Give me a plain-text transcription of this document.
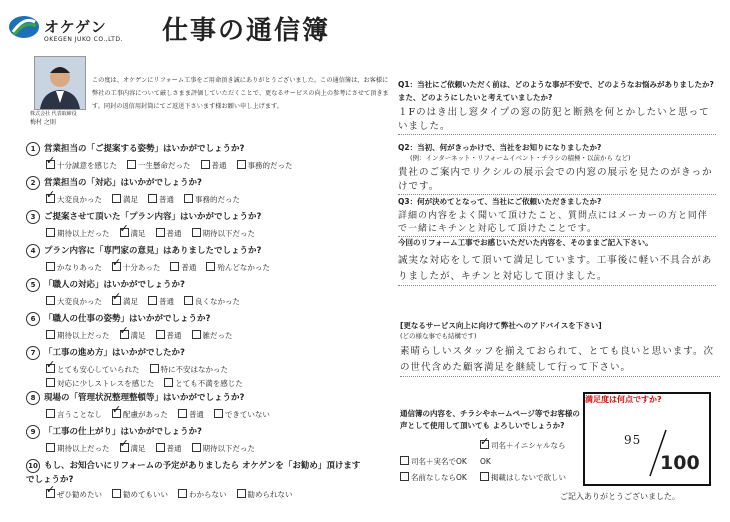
オケゲン
OKEGEN JUKO CO.,LTD. 仕事の通信簿
株式会社 代表取締役
梅村 之則
この度は、オケゲンにリフォーム工事をご用命頂き誠にありがとうございました。この通信簿は、お客様に弊社の工事内容について厳しさまま評価していただくことで、更なるサービスの向上の参考にさせて頂きます。同封の返信用封筒にてご返送下さいます様お願い申し上げます。
1 営業担当の「ご提案する姿勢」はいかがでしょうか?
✓十分誠意を感じた	一生懸命だった	普通	事務的だった
2 営業担当の「対応」はいかがでしょうか?
✓大変良かった	満足	普通	事務的だった
3 ご提案させて頂いた「プラン内容」はいかがでしょうか?
期待以上だった ✓	満足	普通	期待以下だった
4 プラン内容に「専門家の意見」はありましたでしょうか?
かなりあった ✓	十分あった	普通	殆んどなかった
5 「職人の対応」はいかがでしょうか?
大変良かった ✓	満足	普通	良くなかった
6 「職人の仕事の姿勢」はいかがでしょうか?
期待以上だった ✓	満足	普通	雑だった
7 「工事の進め方」はいかがでしたか?
✓とても安心していられた	特に不安はなかった
対応に少しストレスを感じた	とても不満を感じた
8 現場の「管理状況整理整頓等」はいかがでしょうか?
言うことなし ✓	配慮があった	普通	できていない
9 「工事の仕上がり」はいかがでしょうか?
期待以上だった ✓	満足	普通	期待以下だった
10 もし、お知合いにリフォームの予定がありましたら オケゲンを「お勧め」頂けますでしょうか?
✓ぜひ勧めたい	勧めてもいい	わからない	勧められない
Q1：当社にご依頼いただく前は、どのような事が不安で、どのようなお悩みがありましたか?また、どのようにしたいと考えていましたか?
１Fのはき出し窓タイプの窓の防犯と断熱を何とかしたいと思っていました。
Q2：当初、何がきっかけで、当社をお知りになりましたか?
(例：インターネット・リフォームイベント・チラシの積極・以前から など)
貴社のご案内でリクシルの展示会での内窓の展示を見たのがきっかけです。
Q3：何が決めてとなって、当社にご依頼いただきましたか?
詳細の内容をよく聞いて頂けたこと、質問点にはメーカーの方と同伴で一緒にキチンと対応して頂けたことです。
今回のリフォーム工事でお感じいただいた内容を、そのままご記入下さい。
誠実な対応をして頂いて満足しています。工事後に軽い不具合がありましたが、キチンと対応して頂けました。
[更なるサービス向上に向けて弊社へのアドバイスを下さい]
(どの様な事でも結構です)
素晴らしいスタッフを揃えておられて、とても良いと思います。次の世代含めた顧客満足を継続して行って下さい。
通信簿の内容を、チラシやホームページ等でお客様の声として使用して頂いても よろしいでしょうか?
司名＋実名でOK✓司名＋イニシャルならOK名前なしならOK	掲載はしないで欲しい
満足度は何点ですか?
95
100
ご記入ありがとうございました。
